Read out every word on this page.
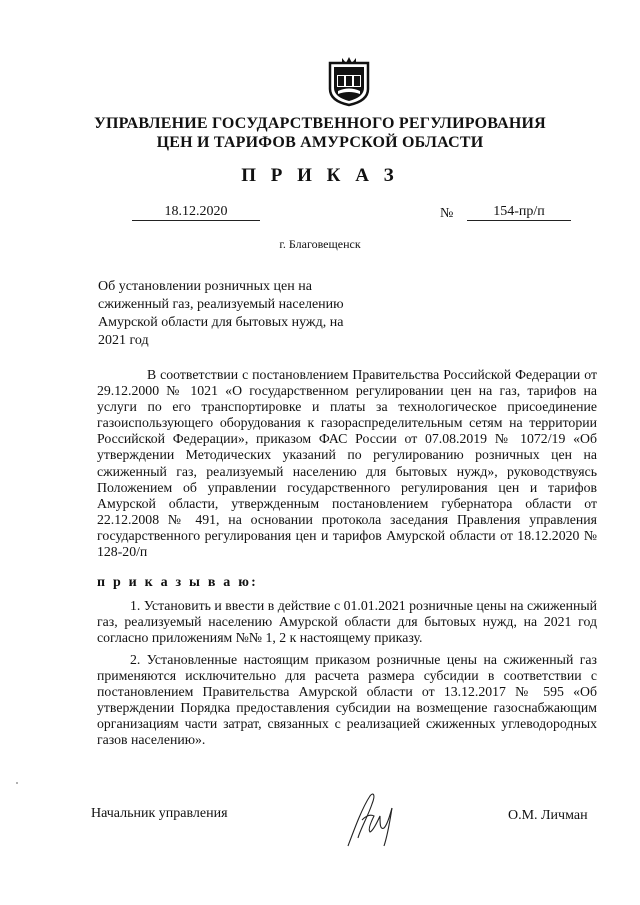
УПРАВЛЕНИЕ ГОСУДАРСТВЕННОГО РЕГУЛИРОВАНИЯ
ЦЕН И ТАРИФОВ АМУРСКОЙ ОБЛАСТИ
П Р И К А З
18.12.2020	№	154-пр/п
г. Благовещенск
Об установлении розничных цен на сжиженный газ, реализуемый населению Амурской области для бытовых нужд, на 2021 год
В соответствии с постановлением Правительства Российской Федерации от 29.12.2000 № 1021 «О государственном регулировании цен на газ, тарифов на услуги по его транспортировке и платы за технологическое присоединение газоиспользующего оборудования к газораспределительным сетям на территории Российской Федерации», приказом ФАС России от 07.08.2019 № 1072/19 «Об утверждении Методических указаний по регулированию розничных цен на сжиженный газ, реализуемый населению для бытовых нужд», руководствуясь Положением об управлении государственного регулирования цен и тарифов Амурской области, утвержденным постановлением губернатора области от 22.12.2008 № 491, на основании протокола заседания Правления управления государственного регулирования цен и тарифов Амурской области от 18.12.2020 № 128-20/п
п р и к а з ы в а ю:
1. Установить и ввести в действие с 01.01.2021 розничные цены на сжиженный газ, реализуемый населению Амурской области для бытовых нужд, на 2021 год согласно приложениям №№ 1, 2 к настоящему приказу.
2. Установленные настоящим приказом розничные цены на сжиженный газ применяются исключительно для расчета размера субсидии в соответствии с постановлением Правительства Амурской области от 13.12.2017 № 595 «Об утверждении Порядка предоставления субсидии на возмещение газоснабжающим организациям части затрат, связанных с реализацией сжиженных углеводородных газов населению».
Начальник управления	О.М. Личман
